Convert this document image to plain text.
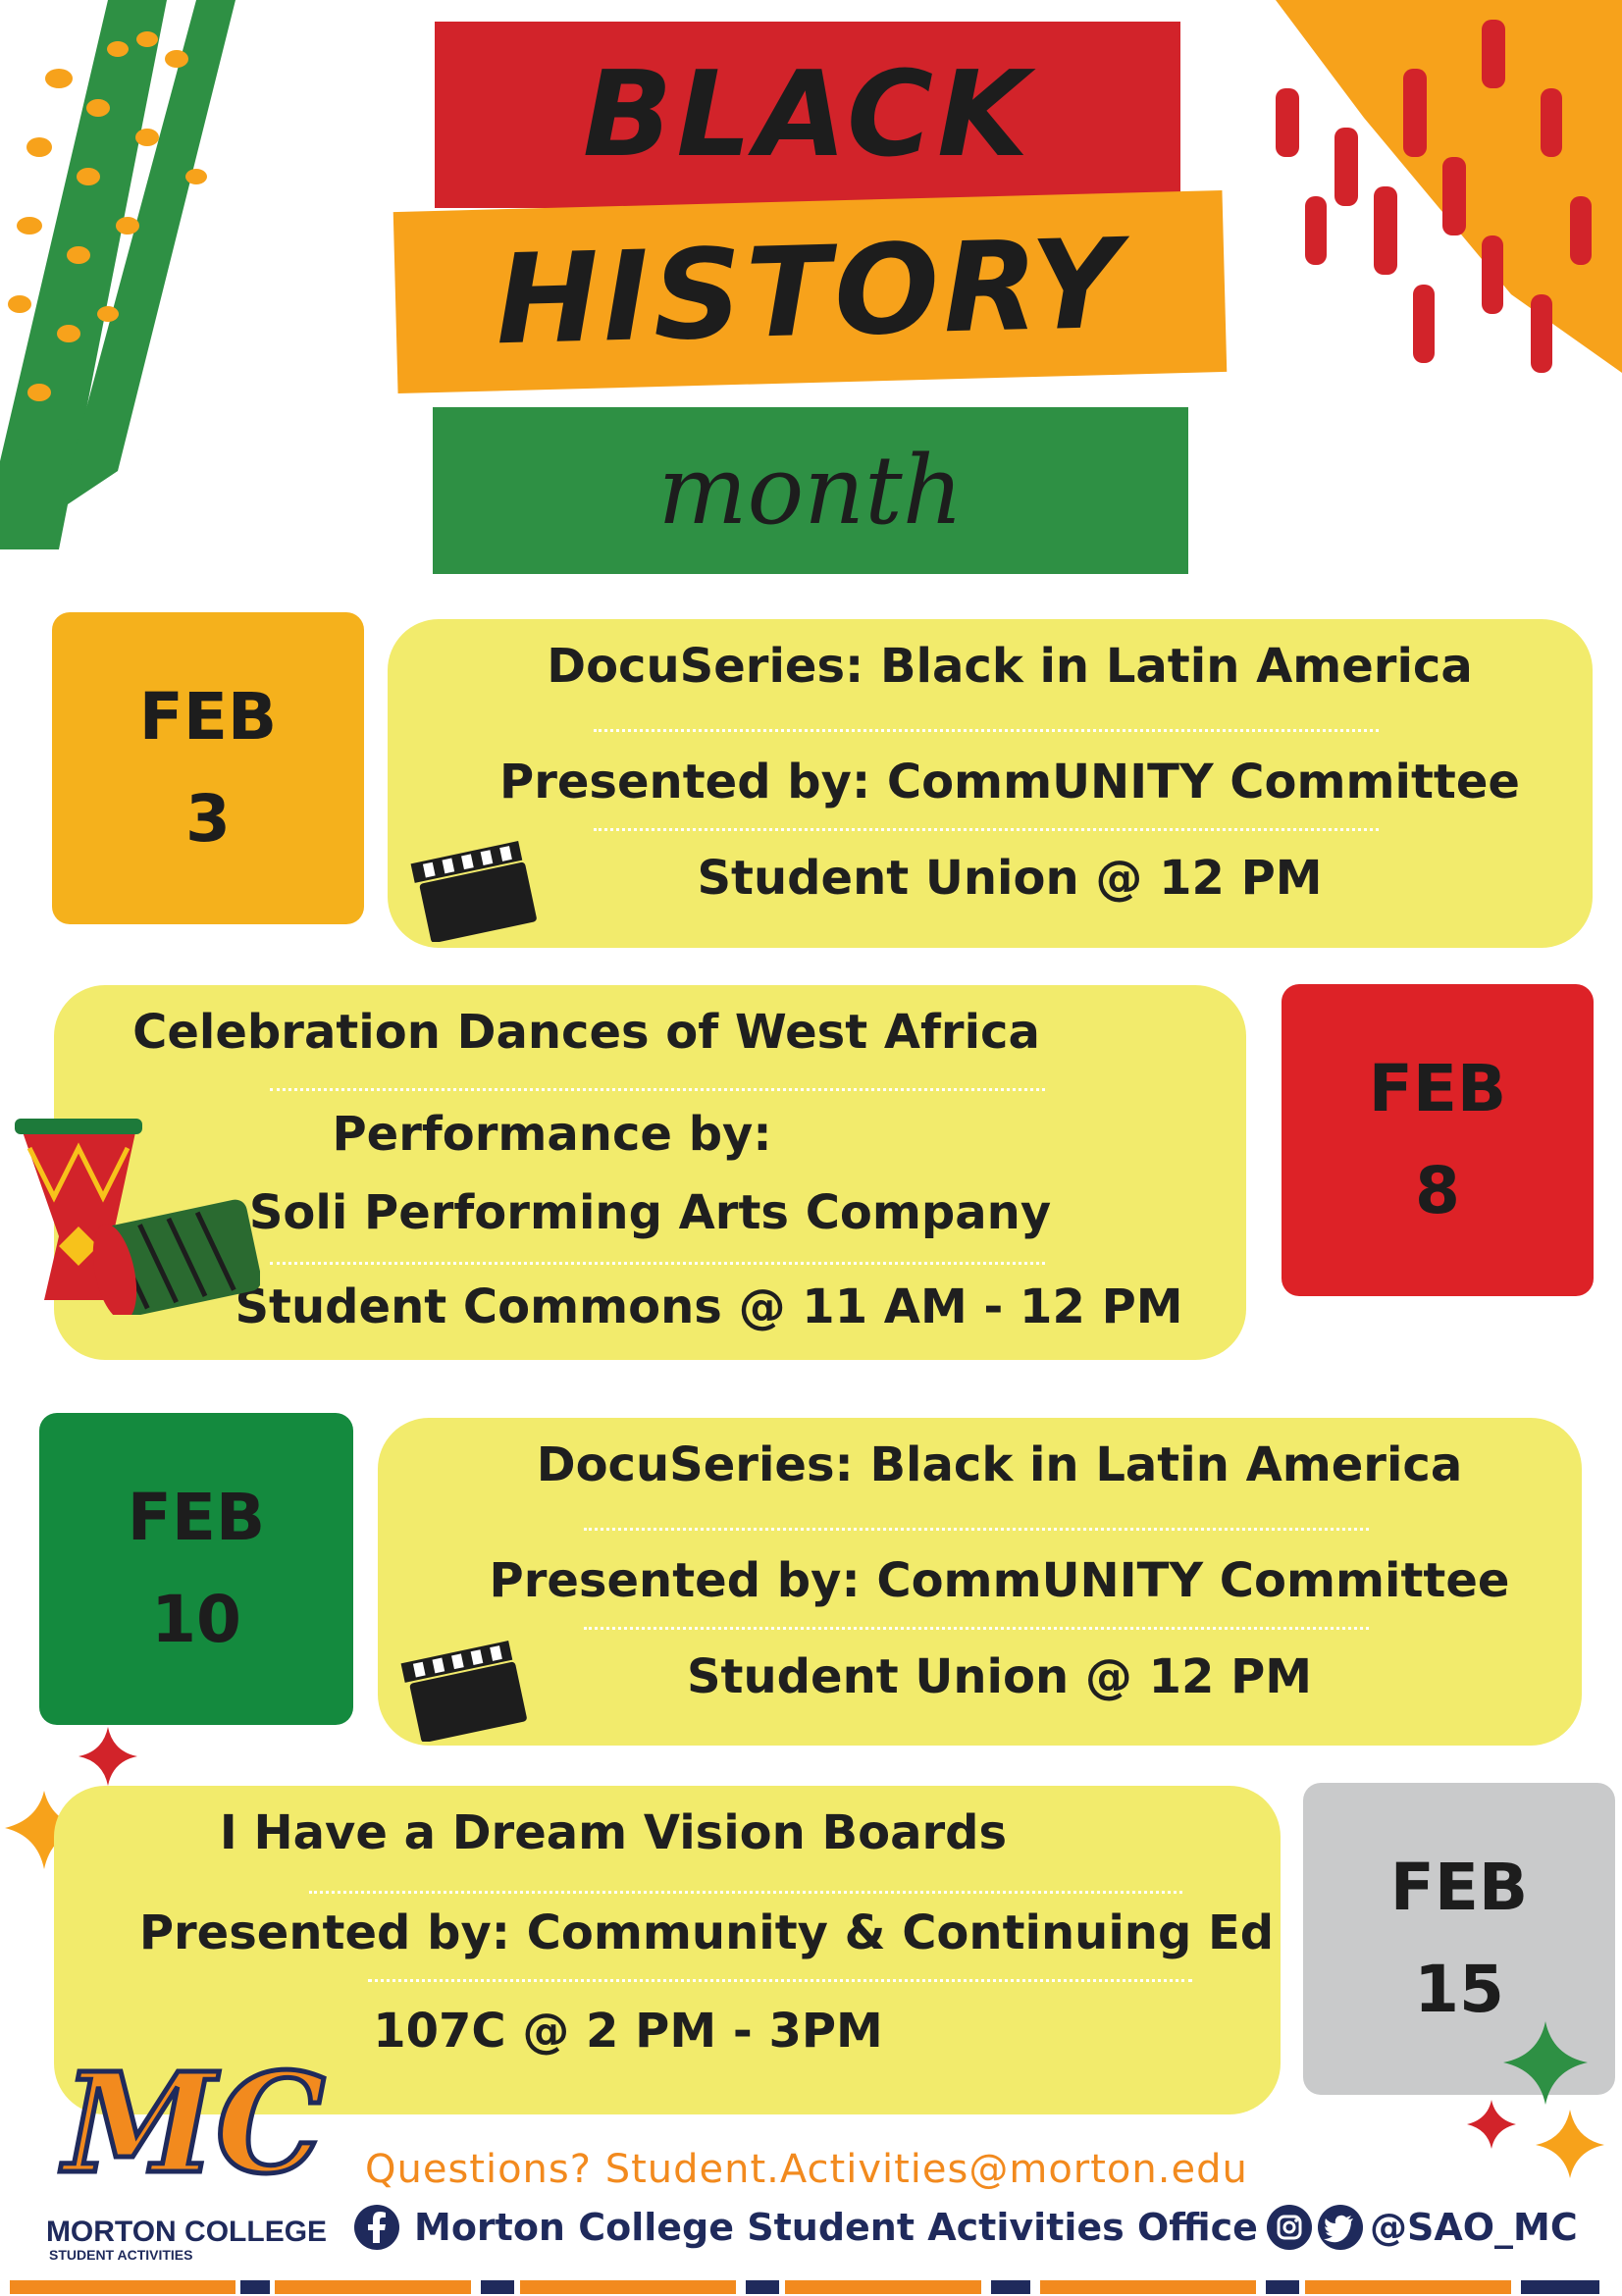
BLACK
HISTORY
month
FEB
3
DocuSeries: Black in Latin America
Presented by: CommUNITY Committee
Student Union @ 12 PM
Celebration Dances of West Africa
Performance by:
Soli Performing Arts Company
Student Commons @ 11 AM - 12 PM
FEB
8
FEB
10
DocuSeries: Black in Latin America
Presented by: CommUNITY Committee
Student Union @ 12 PM
I Have a Dream Vision Boards
Presented by: Community & Continuing Ed
107C @ 2 PM - 3PM
FEB
15
MC
MORTON COLLEGE
STUDENT ACTIVITIES
Questions? Student.Activities@morton.edu
Morton College Student Activities Office	@SAO_MC
